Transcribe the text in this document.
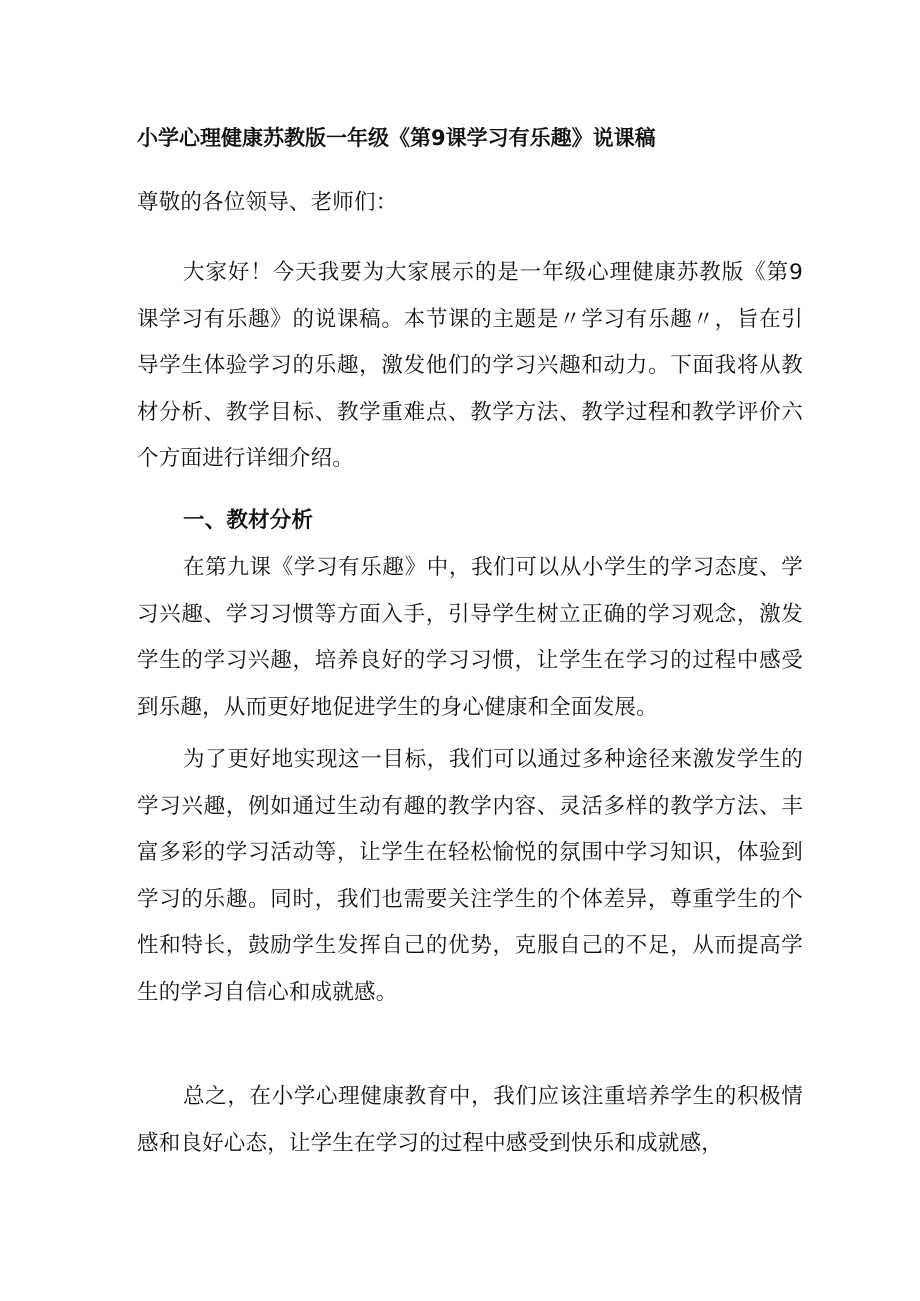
小学心理健康苏教版一年级《第9课学习有乐趣》说课稿

尊敬的各位领导、老师们：

大家好！今天我要为大家展示的是一年级心理健康苏教版《第9课学习有乐趣》的说课稿。本节课的主题是〃学习有乐趣〃，旨在引导学生体验学习的乐趣，激发他们的学习兴趣和动力。下面我将从教材分析、教学目标、教学重难点、教学方法、教学过程和教学评价六个方面进行详细介绍。

一、教材分析

在第九课《学习有乐趣》中，我们可以从小学生的学习态度、学习兴趣、学习习惯等方面入手，引导学生树立正确的学习观念，激发学生的学习兴趣，培养良好的学习习惯，让学生在学习的过程中感受到乐趣，从而更好地促进学生的身心健康和全面发展。

为了更好地实现这一目标，我们可以通过多种途径来激发学生的学习兴趣，例如通过生动有趣的教学内容、灵活多样的教学方法、丰富多彩的学习活动等，让学生在轻松愉悦的氛围中学习知识，体验到学习的乐趣。同时，我们也需要关注学生的个体差异，尊重学生的个性和特长，鼓励学生发挥自己的优势，克服自己的不足，从而提高学生的学习自信心和成就感。

总之，在小学心理健康教育中，我们应该注重培养学生的积极情感和良好心态，让学生在学习的过程中感受到快乐和成就感，
